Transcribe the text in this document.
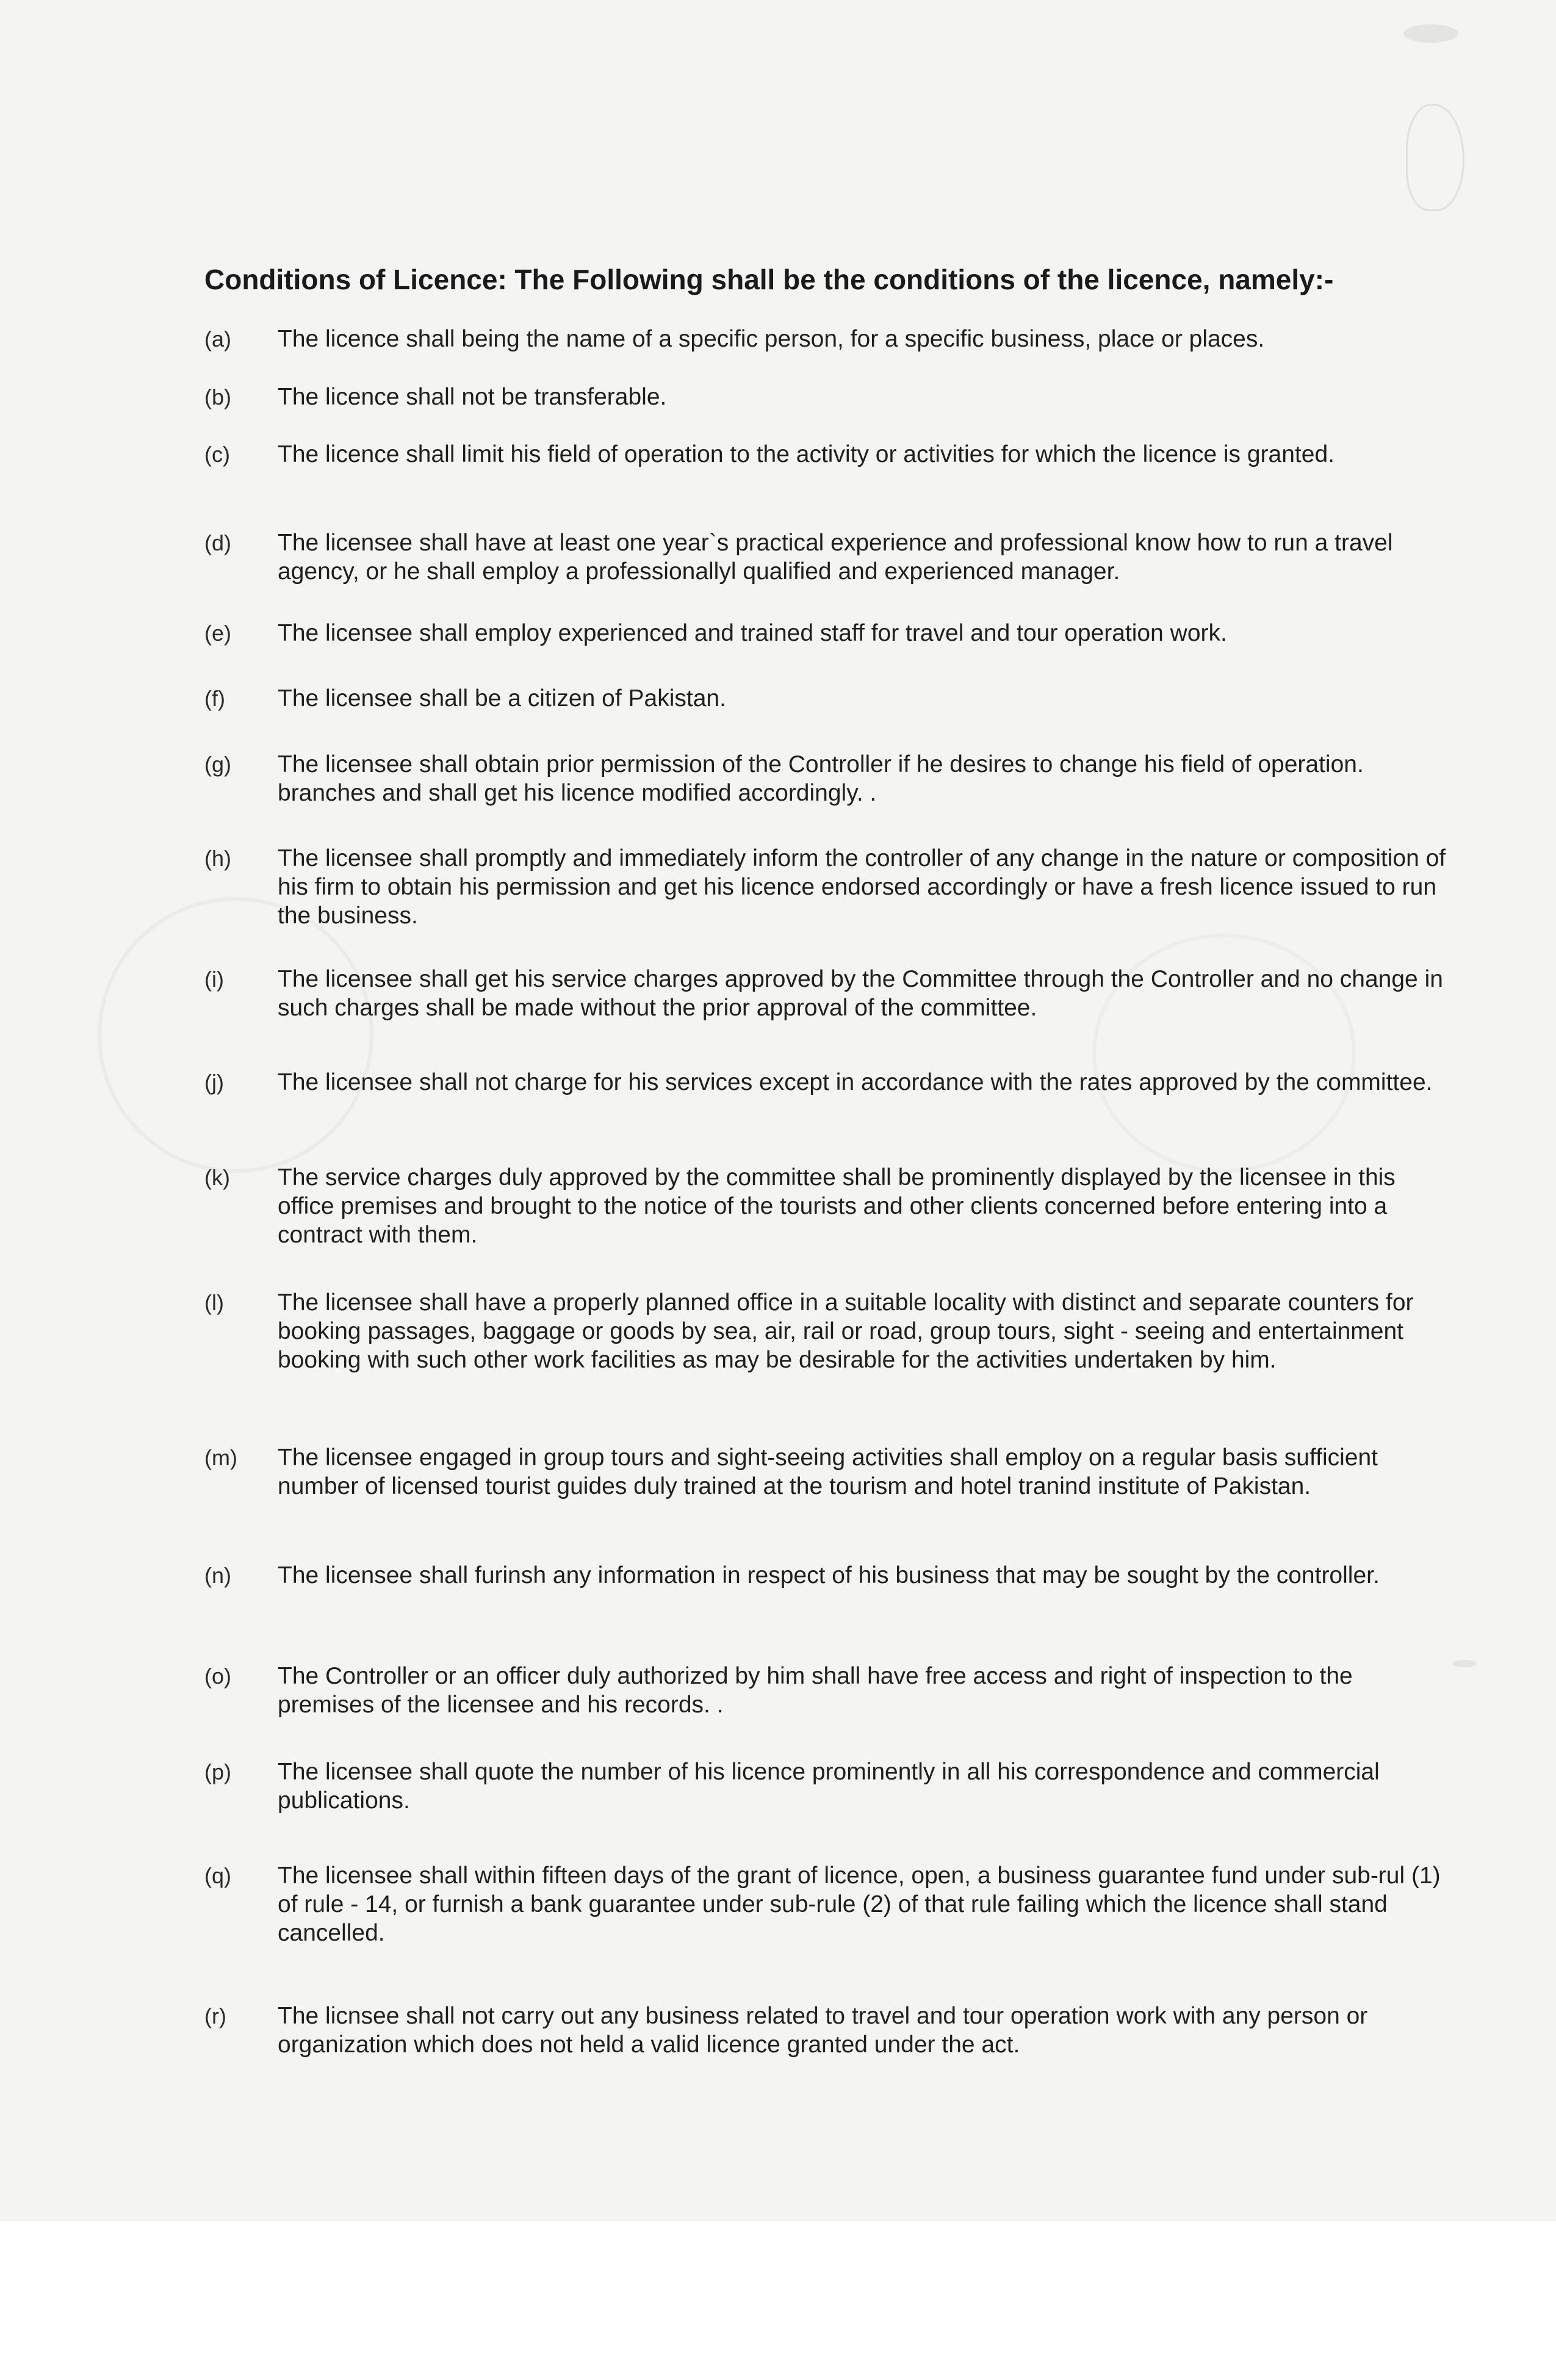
Conditions of Licence: The Following shall be the conditions of the licence, namely:-
(a)	The licence shall being the name of a specific person, for a specific business, place or places.
(b)	The licence shall not be transferable.
(c)	The licence shall limit his field of operation to the activity or activities for which the licence is granted.
(d)	The licensee shall have at least one year`s practical experience and professional know how to run a travel agency, or he shall employ a professionallyl qualified and experienced manager.
(e)	The licensee shall employ experienced and trained staff for travel and tour operation work.
(f)	The licensee shall be a citizen of Pakistan.
(g)	The licensee shall obtain prior permission of the Controller if he desires to change his field of operation. branches and shall get his licence modified accordingly. .
(h)	The licensee shall promptly and immediately inform the controller of any change in the nature or composition of his firm to obtain his permission and get his licence endorsed accordingly or have a fresh licence issued to run the business.
(i)	The licensee shall get his service charges approved by the Committee through the Controller and no change in such charges shall be made without the prior approval of the committee.
(j)	The licensee shall not charge for his services except in accordance with the rates approved by the committee.
(k)	The service charges duly approved by the committee shall be prominently displayed by the licensee in this office premises and brought to the notice of the tourists and other clients concerned before entering into a contract with them.
(l)	The licensee shall have a properly planned office in a suitable locality with distinct and separate counters for booking passages, baggage or goods by sea, air, rail or road, group tours, sight - seeing and entertainment booking with such other work facilities as may be desirable for the activities undertaken by him.
(m)	The licensee engaged in group tours and sight-seeing activities shall employ on a regular basis sufficient number of licensed tourist guides duly trained at the tourism and hotel tranind institute of Pakistan.
(n)	The licensee shall furinsh any information in respect of his business that may be sought by the controller.
(o)	The Controller or an officer duly authorized by him shall have free access and right of inspection to the premises of the licensee and his records. .
(p)	The licensee shall quote the number of his licence prominently in all his correspondence and commercial publications.
(q)	The licensee shall within fifteen days of the grant of licence, open, a business guarantee fund under sub-rul (1) of rule - 14, or furnish a bank guarantee under sub-rule (2) of that rule failing which the licence shall stand cancelled.
(r)	The licnsee shall not carry out any business related to travel and tour operation work with any person or organization which does not held a valid licence granted under the act.
